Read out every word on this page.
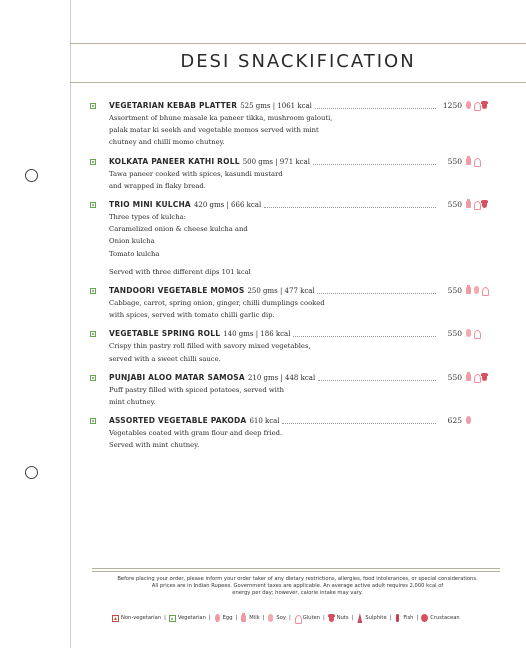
DESI SNACKIFICATION
VEGETARIAN KEBAB PLATTER 525 gms | 1061 kcal	1250
Assortment of bhune masale ka paneer tikka, mushroom galouti,
palak matar ki seekh and vegetable momos served with mint
chutney and chilli momo chutney.
KOLKATA PANEER KATHI ROLL 500 gms | 971 kcal	550
Tawa paneer cooked with spices, kasundi mustard
and wrapped in flaky bread.
TRIO MINI KULCHA 420 gms | 666 kcal	550
Three types of kulcha:
Caramelized onion & cheese kulcha and
Onion kulcha
Tomato kulcha
Served with three different dips 101 kcal
TANDOORI VEGETABLE MOMOS 250 gms | 477 kcal	550
Cabbage, carrot, spring onion, ginger, chilli dumplings cooked
with spices, served with tomato chilli garlic dip.
VEGETABLE SPRING ROLL 140 gms | 186 kcal	550
Crispy thin pastry roll filled with savory mixed vegetables,
served with a sweet chilli sauce.
PUNJABI ALOO MATAR SAMOSA 210 gms | 448 kcal	550
Puff pastry filled with spiced potatoes, served with
mint chutney.
ASSORTED VEGETABLE PAKODA 610 kcal	625
Vegetables coated with gram flour and deep fried.
Served with mint chutney.
Before placing your order, please inform your order taker of any dietary restrictions, allergies, food intolerances, or special considerations.
All prices are in Indian Rupees. Government taxes are applicable. An average active adult requires 2,000 kcal of
energy per day; however, calorie intake may vary.
Non-vegetarian | Vegetarian | Egg | Milk | Soy | Gluten | Nuts | Sulphite | Fish | Crustacean
